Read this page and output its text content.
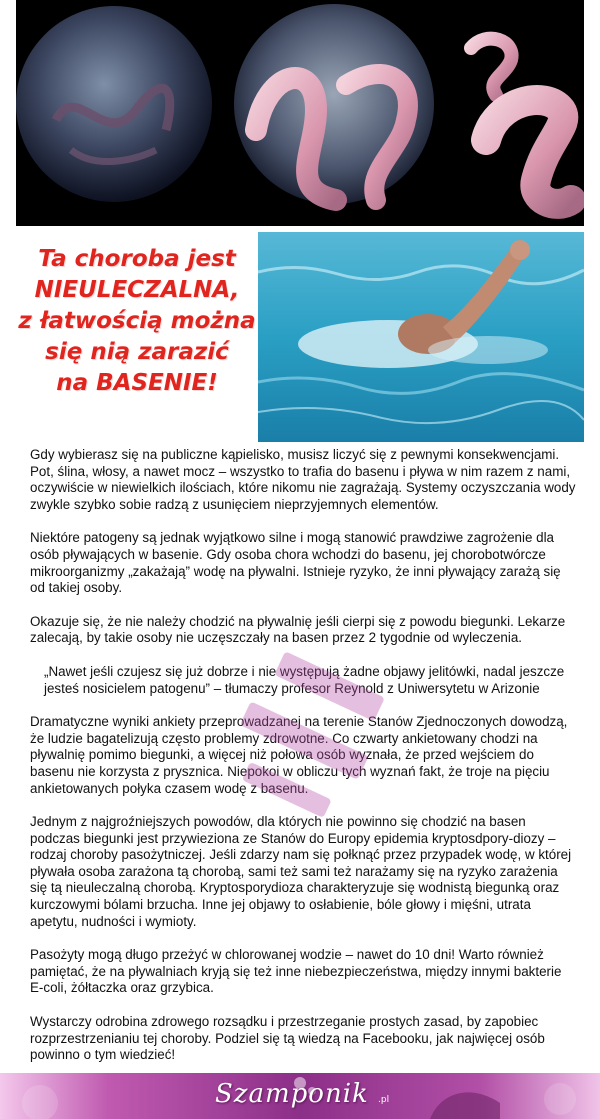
Ta choroba jest
NIEULECZALNA,
z łatwością można
się nią zarazić
na BASENIE!

Gdy wybierasz się na publiczne kąpielisko, musisz liczyć się z pewnymi konsekwencjami. Pot, ślina, włosy, a nawet mocz – wszystko to trafia do basenu i pływa w nim razem z nami, oczywiście w niewielkich ilościach, które nikomu nie zagrażają. Systemy oczyszczania wody zwykle szybko sobie radzą z usunięciem nieprzyjemnych elementów.

Niektóre patogeny są jednak wyjątkowo silne i mogą stanowić prawdziwe zagrożenie dla osób pływających w basenie. Gdy osoba chora wchodzi do basenu, jej chorobotwórcze mikroorganizmy „zakażają” wodę na pływalni. Istnieje ryzyko, że inni pływający zarażą się od takiej osoby.

Okazuje się, że nie należy chodzić na pływalnię jeśli cierpi się z powodu biegunki. Lekarze zalecają, by takie osoby nie uczęszczały na basen przez 2 tygodnie od wyleczenia.

„Nawet jeśli czujesz się już dobrze i nie występują żadne objawy jelitówki, nadal jeszcze jesteś nosicielem patogenu” – tłumaczy profesor Reynold z Uniwersytetu w Arizonie

Dramatyczne wyniki ankiety przeprowadzanej na terenie Stanów Zjednoczonych dowodzą, że ludzie bagatelizują często problemy zdrowotne. Co czwarty ankietowany chodzi na pływalnię pomimo biegunki, a więcej niż połowa osób wyznała, że przed wejściem do basenu nie korzysta z prysznica. Niepokoi w obliczu tych wyznań fakt, że troje na pięciu ankietowanych połyka czasem wodę z basenu.

Jednym z najgroźniejszych powodów, dla których nie powinno się chodzić na basen podczas biegunki jest przywieziona ze Stanów do Europy epidemia kryptosdpory-diozy – rodzaj choroby pasożytniczej. Jeśli zdarzy nam się połknąć przez przypadek wodę, w której pływała osoba zarażona tą chorobą, sami też sami też narażamy się na ryzyko zarażenia się tą nieuleczalną chorobą. Kryptosporydioza charakteryzuje się wodnistą biegunką oraz kurczowymi bólami brzucha. Inne jej objawy to osłabienie, bóle głowy i mięśni, utrata apetytu, nudności i wymioty.

Pasożyty mogą długo przeżyć w chlorowanej wodzie – nawet do 10 dni! Warto również pamiętać, że na pływalniach kryją się też inne niebezpieczeństwa, między innymi bakterie E-coli, żółtaczka oraz grzybica.

Wystarczy odrobina zdrowego rozsądku i przestrzeganie prostych zasad, by zapobiec rozprzestrzenianiu tej choroby. Podziel się tą wiedzą na Facebooku, jak najwięcej osób powinno o tym wiedzieć!

Szamponik .pl
